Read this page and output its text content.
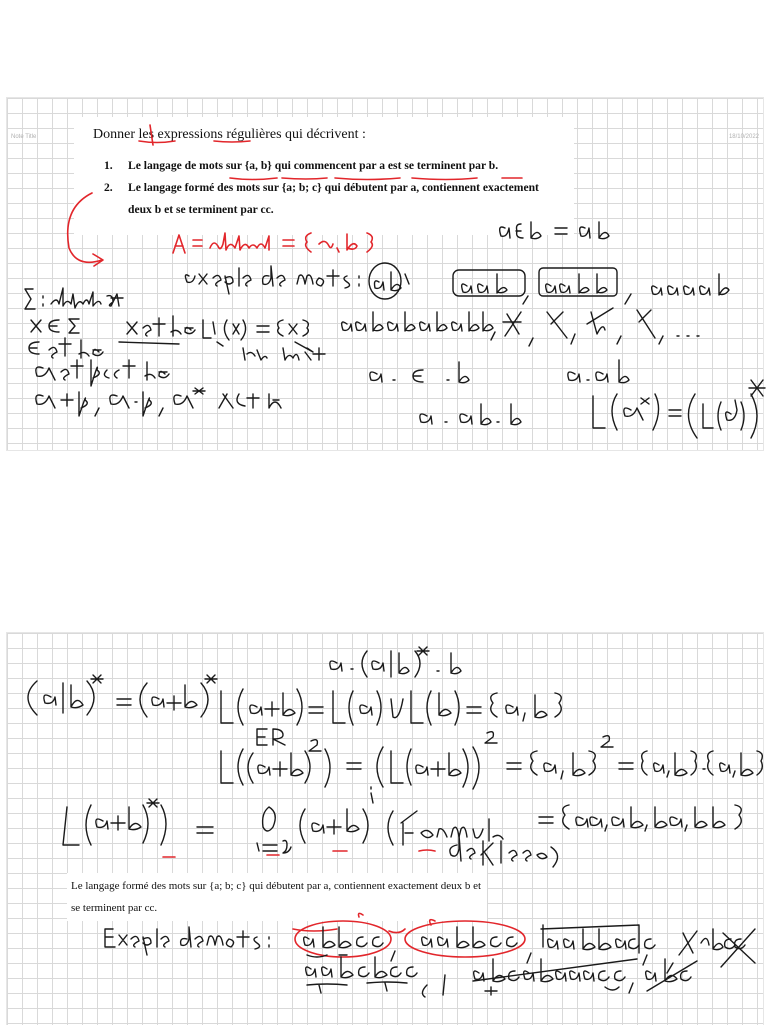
Note Title	18/10/2022

Donner les expressions régulières qui décrivent :

1. Le langage de mots sur {a, b} qui commencent par a est se terminent par b.
2. Le langage formé des mots sur {a; b; c} qui débutent par a, contiennent exactement deux b et se terminent par cc.

Le langage formé des mots sur {a; b; c} qui débutent par a, contiennent exactement deux b et se terminent par cc.
